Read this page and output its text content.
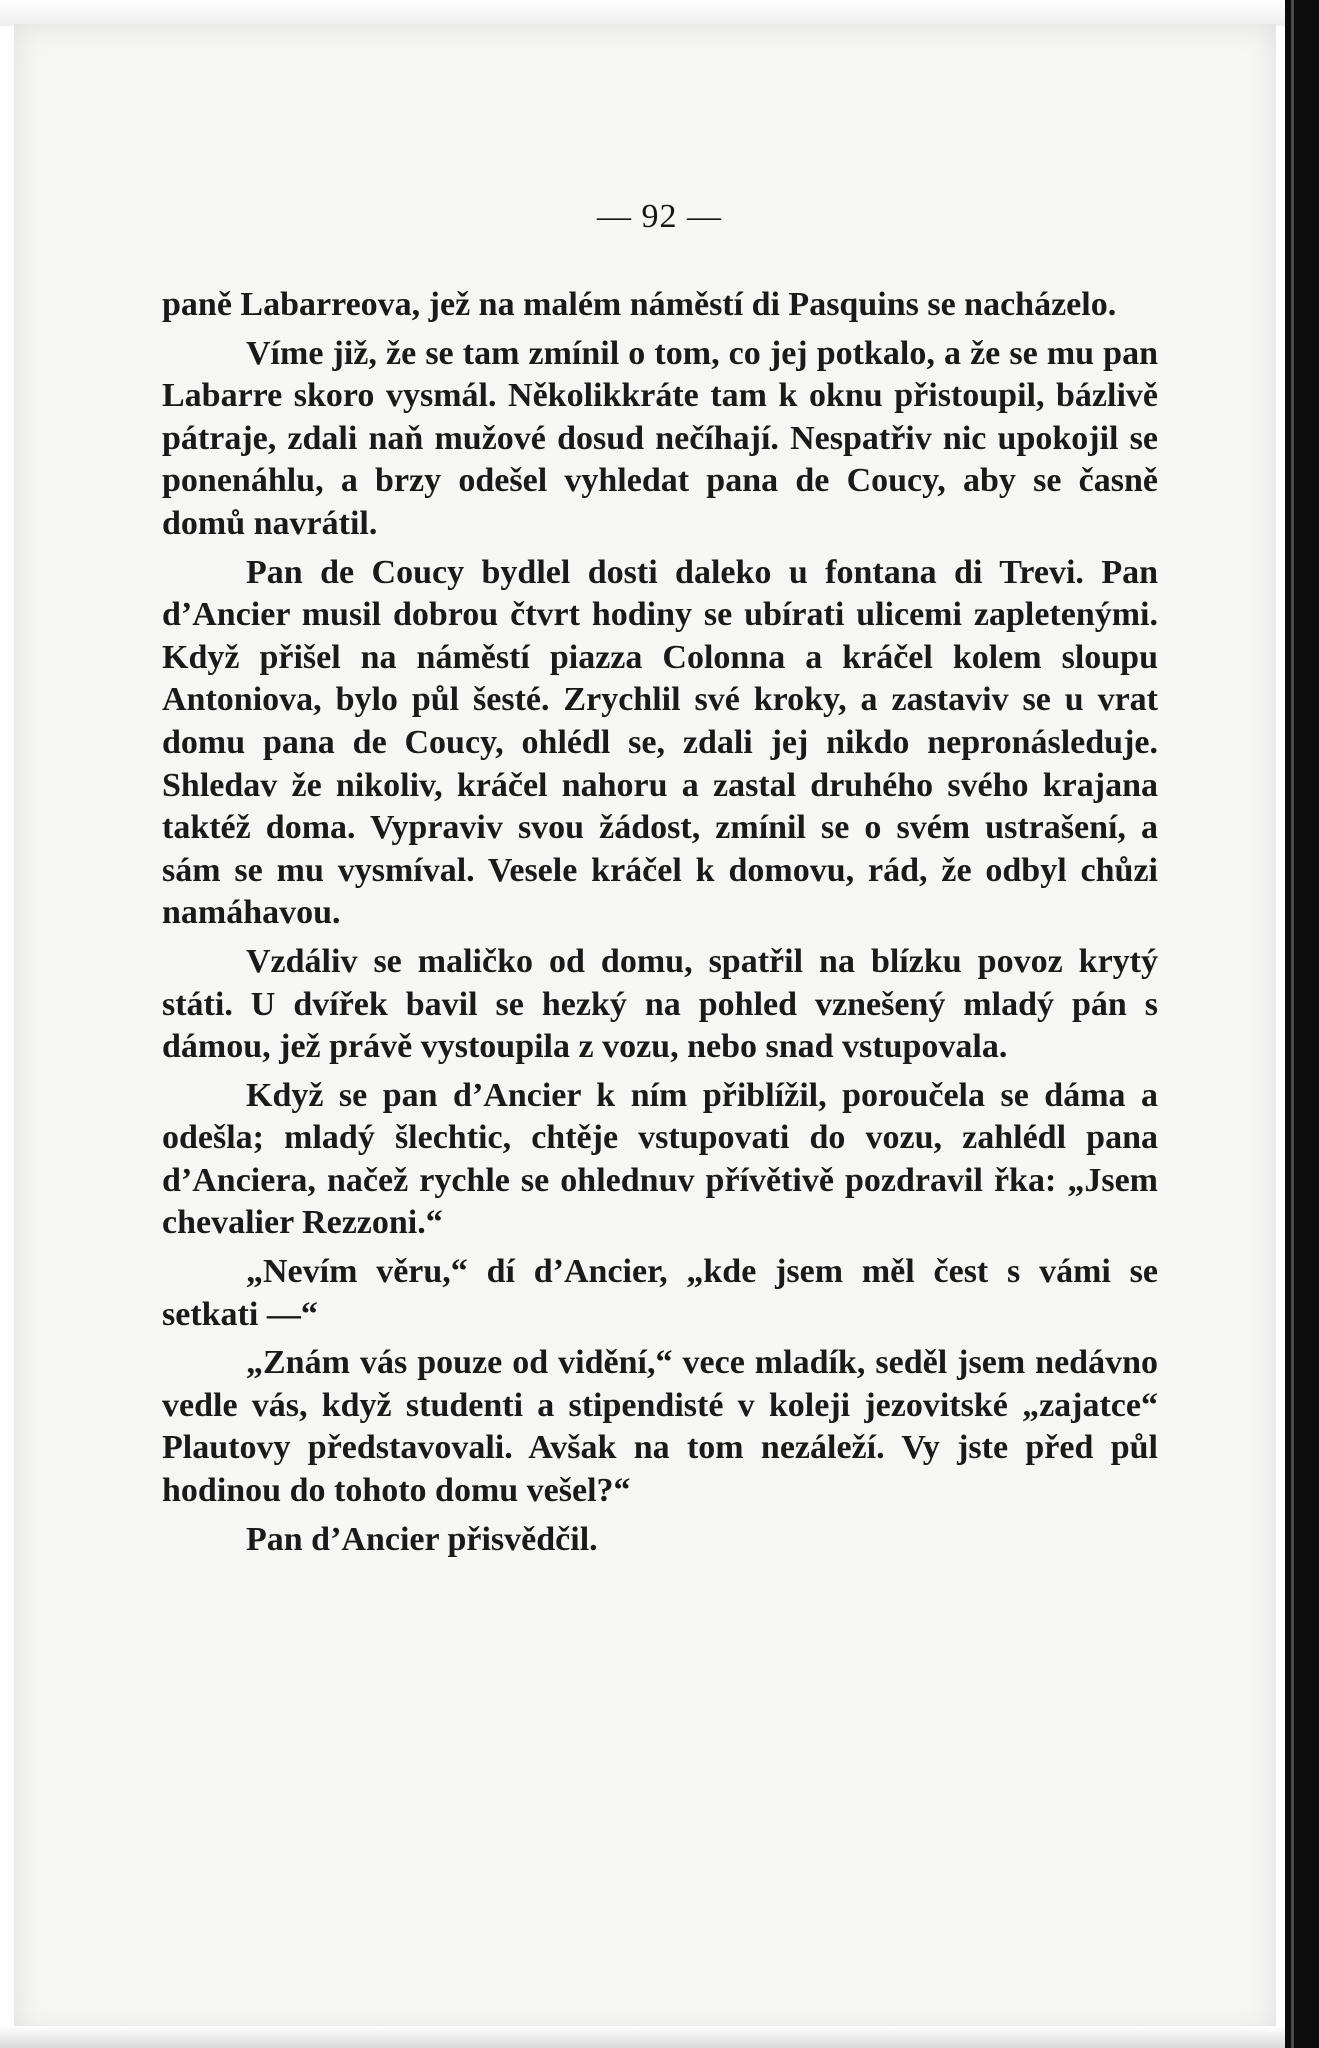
— 92 —

paně Labarreova, jež na malém náměstí di Pasquins se nacházelo.

Víme již, že se tam zmínil o tom, co jej potkalo, a že se mu pan Labarre skoro vysmál. Několikkráte tam k oknu přistoupil, bázlivě pátraje, zdali naň mužové dosud nečíhají. Nespatřiv nic upokojil se ponenáhlu, a brzy odešel vyhledat pana de Coucy, aby se časně domů navrátil.

Pan de Coucy bydlel dosti daleko u fontana di Trevi. Pan d’Ancier musil dobrou čtvrt hodiny se ubírati ulicemi zapletenými. Když přišel na náměstí piazza Colonna a kráčel kolem sloupu Antoniova, bylo půl šesté. Zrychlil své kroky, a zastaviv se u vrat domu pana de Coucy, ohlédl se, zdali jej nikdo nepronásleduje. Shledav že nikoliv, kráčel nahoru a zastal druhého svého krajana taktéž doma. Vypraviv svou žádost, zmínil se o svém ustrašení, a sám se mu vysmíval. Vesele kráčel k domovu, rád, že odbyl chůzi namáhavou.

Vzdáliv se maličko od domu, spatřil na blízku povoz krytý státi. U dvířek bavil se hezký na pohled vznešený mladý pán s dámou, jež právě vystoupila z vozu, nebo snad vstupovala.

Když se pan d’Ancier k ním přiblížil, poroučela se dáma a odešla; mladý šlechtic, chtěje vstupovati do vozu, zahlédl pana d’Anciera, načež rychle se ohlednuv přívětivě pozdravil řka: „Jsem chevalier Rezzoni.“

„Nevím věru,“ dí d’Ancier, „kde jsem měl čest s vámi se setkati —“

„Znám vás pouze od vidění,“ vece mladík, seděl jsem nedávno vedle vás, když studenti a stipendisté v koleji jezovitské „zajatce“ Plautovy představovali. Avšak na tom nezáleží. Vy jste před půl hodinou do tohoto domu vešel?“

Pan d’Ancier přisvědčil.
